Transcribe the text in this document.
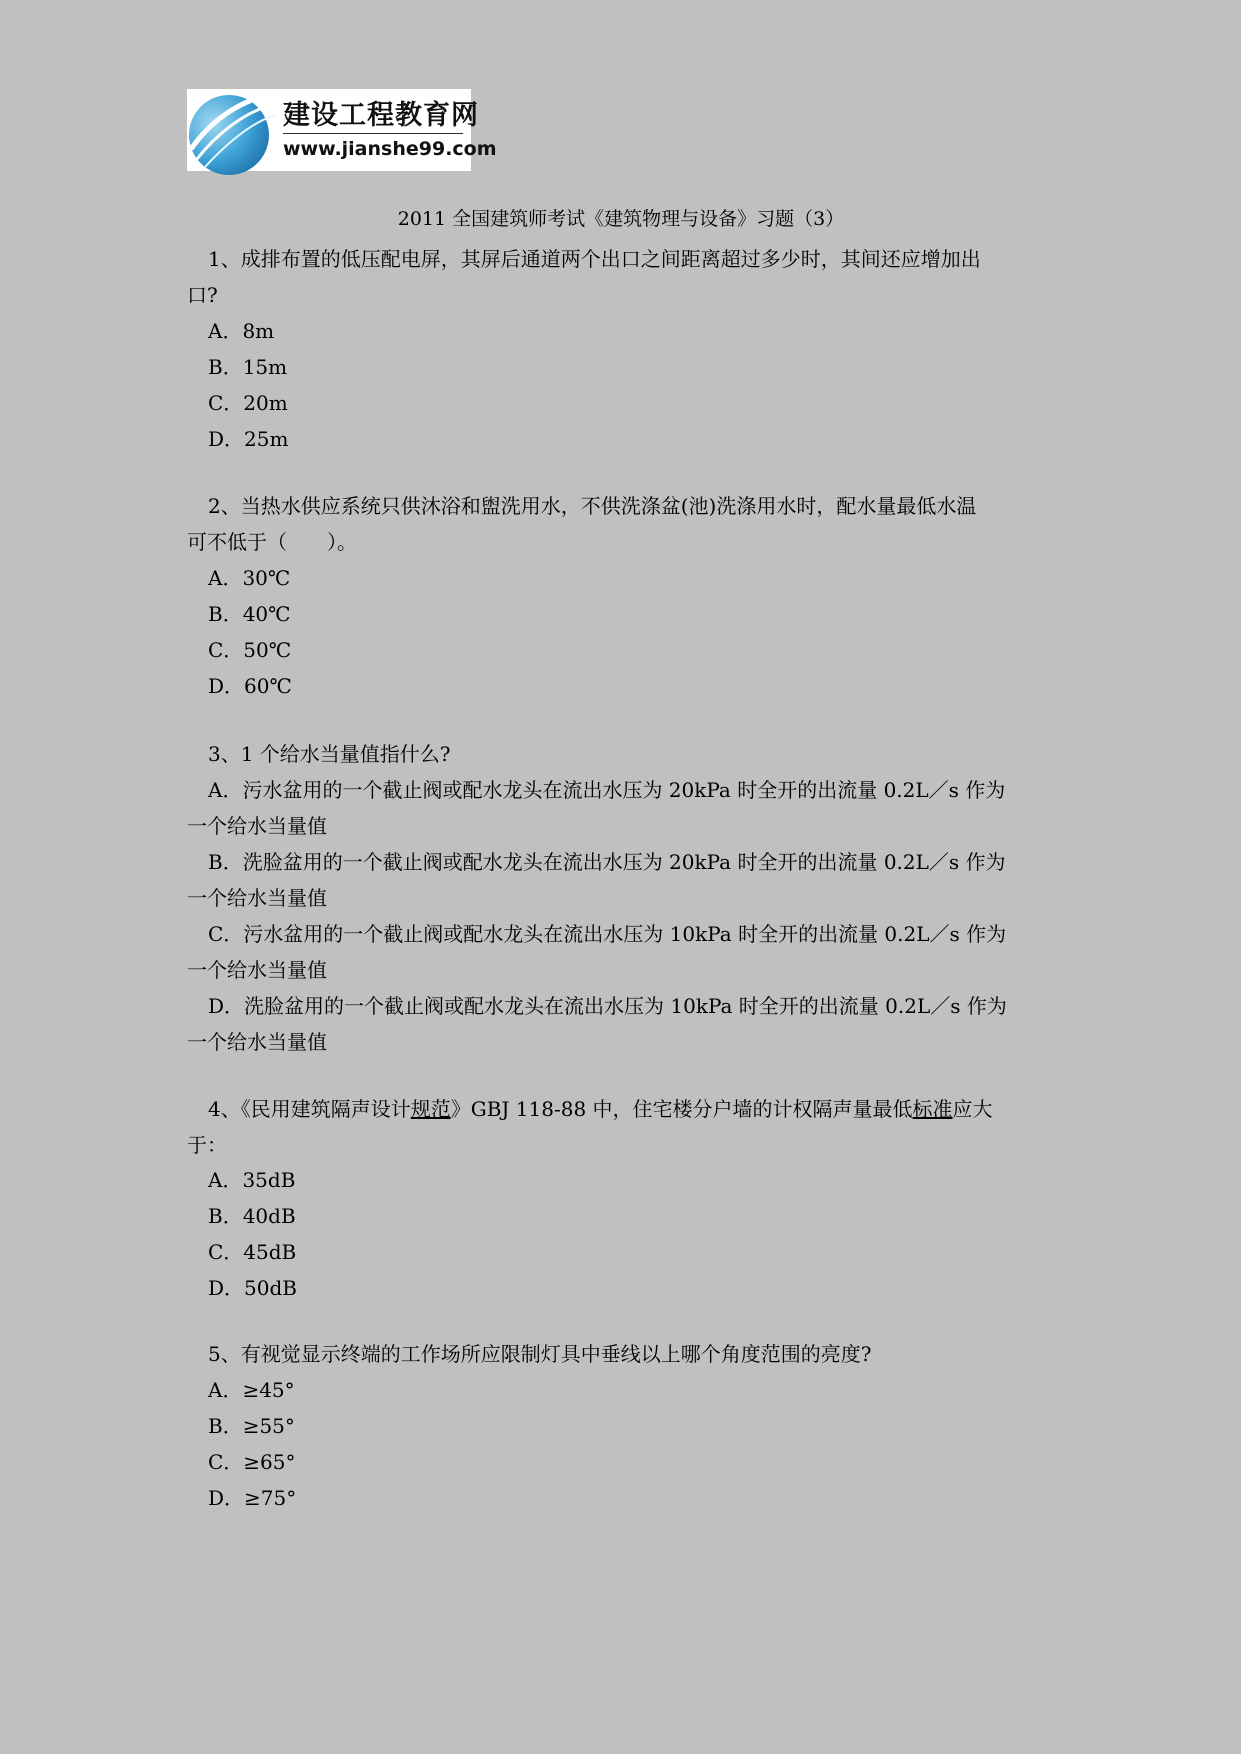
建设工程教育网
www.jianshe99.com
2011 全国建筑师考试《建筑物理与设备》习题（3）
1、成排布置的低压配电屏，其屏后通道两个出口之间距离超过多少时，其间还应增加出
口?
A．8m
B．15m
C．20m
D．25m
2、当热水供应系统只供沐浴和盥洗用水，不供洗涤盆(池)洗涤用水时，配水量最低水温
可不低于（　　）。
A．30℃
B．40℃
C．50℃
D．60℃
3、1 个给水当量值指什么?
A．污水盆用的一个截止阀或配水龙头在流出水压为 20kPa 时全开的出流量 0.2L／s 作为
一个给水当量值
B．洗脸盆用的一个截止阀或配水龙头在流出水压为 20kPa 时全开的出流量 0.2L／s 作为
一个给水当量值
C．污水盆用的一个截止阀或配水龙头在流出水压为 10kPa 时全开的出流量 0.2L／s 作为
一个给水当量值
D．洗脸盆用的一个截止阀或配水龙头在流出水压为 10kPa 时全开的出流量 0.2L／s 作为
一个给水当量值
4、《民用建筑隔声设计规范》GBJ 118-88 中，住宅楼分户墙的计权隔声量最低标准应大
于：
A．35dB
B．40dB
C．45dB
D．50dB
5、有视觉显示终端的工作场所应限制灯具中垂线以上哪个角度范围的亮度?
A．≥45°
B．≥55°
C．≥65°
D．≥75°
